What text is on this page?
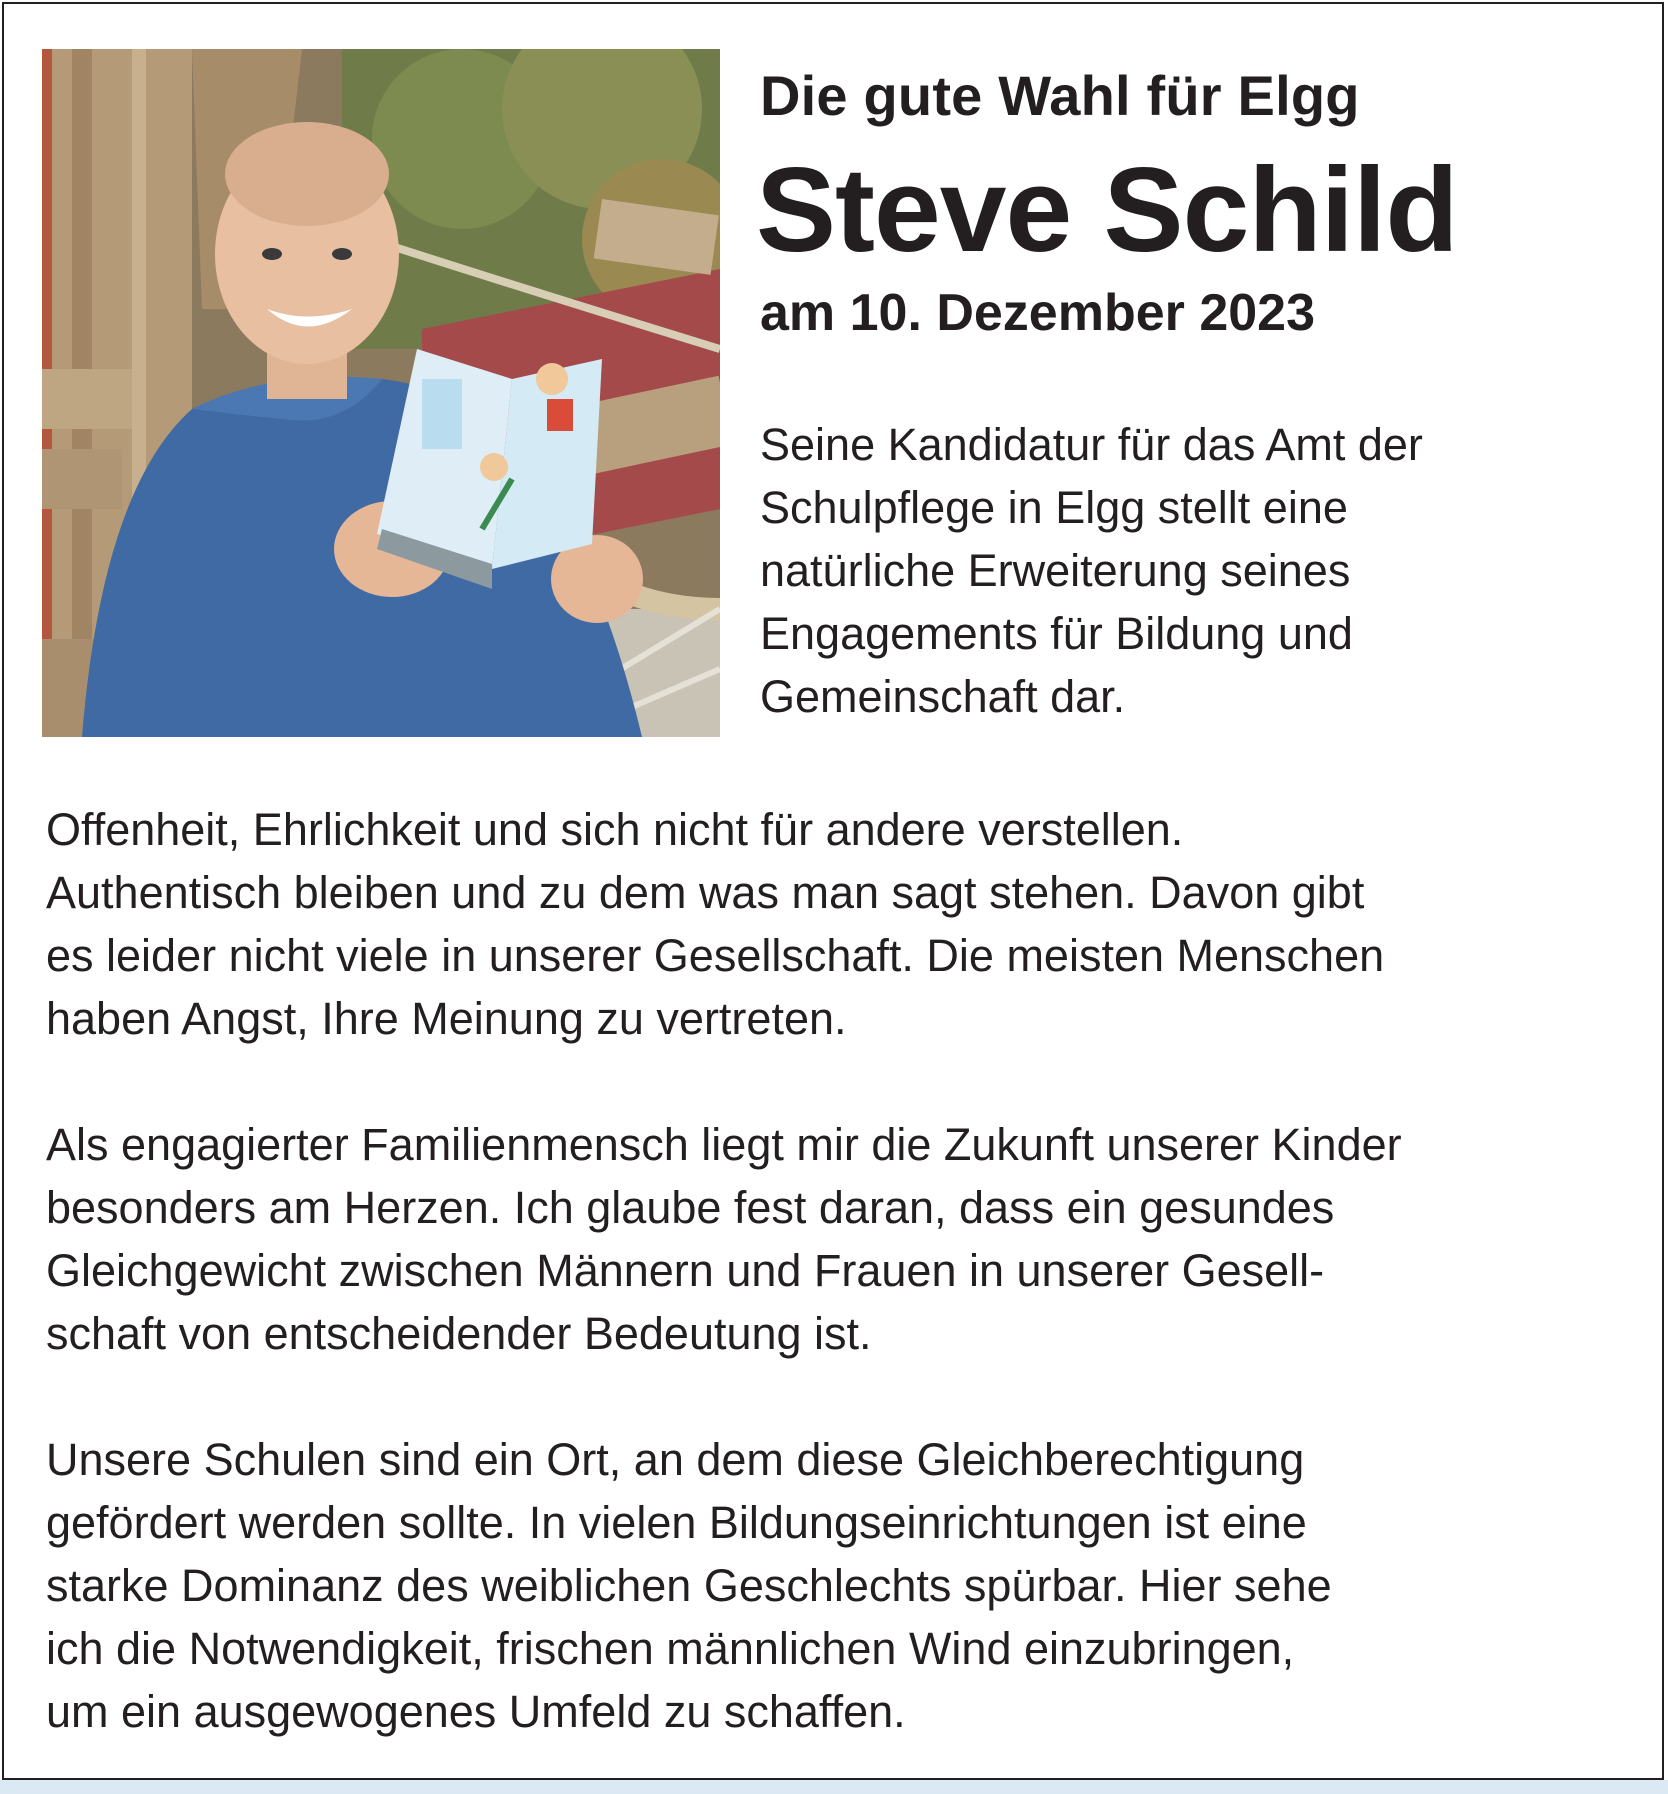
Die gute Wahl für Elgg
Steve Schild
am 10. Dezember 2023
Seine Kandidatur für das Amt der
Schulpflege in Elgg stellt eine
natürliche Erweiterung seines
Engagements für Bildung und
Gemeinschaft dar.
Offenheit, Ehrlichkeit und sich nicht für andere verstellen.
Authentisch bleiben und zu dem was man sagt stehen. Davon gibt
es leider nicht viele in unserer Gesellschaft. Die meisten Menschen
haben Angst, Ihre Meinung zu vertreten.
Als engagierter Familienmensch liegt mir die Zukunft unserer Kinder
besonders am Herzen. Ich glaube fest daran, dass ein gesundes
Gleichgewicht zwischen Männern und Frauen in unserer Gesell-
schaft von entscheidender Bedeutung ist.
Unsere Schulen sind ein Ort, an dem diese Gleichberechtigung
gefördert werden sollte. In vielen Bildungseinrichtungen ist eine
starke Dominanz des weiblichen Geschlechts spürbar. Hier sehe
ich die Notwendigkeit, frischen männlichen Wind einzubringen,
um ein ausgewogenes Umfeld zu schaffen.
